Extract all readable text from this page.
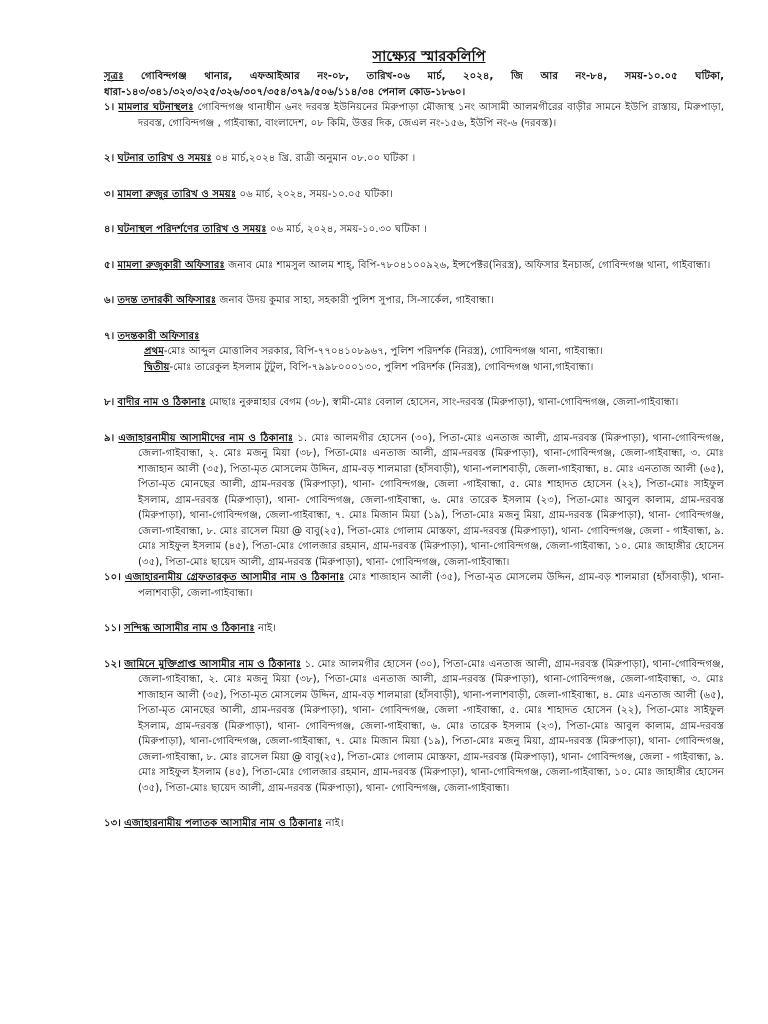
সাক্ষ্যের স্মারকলিপি

সূত্রঃ গোবিন্দগঞ্জ থানার, এফআইআর নং-০৮, তারিখ-০৬ মার্চ, ২০২৪, জি আর নং-৮৪, সময়-১০.০৫ ঘটিকা, ধারা-১৪৩/৩৪১/৩২৩/৩২৫/৩২৬/৩০৭/৩৫৪/৩৭৯/৫০৬/১১৪/৩৪ পেনাল কোড-১৮৬০।

১। মামলার ঘটনাস্থলঃ গোবিন্দগঞ্জ থানাধীন ৬নং দরবস্ত ইউনিয়নের মিরুপাড়া মৌজাস্থ ১নং আসামী আলমগীরের বাড়ীর সামনে ইউপি রাস্তায়, মিরুপাড়া, দরবস্ত, গোবিন্দগঞ্জ , গাইবান্ধা, বাংলাদেশ, ০৮ কিমি, উত্তর দিক, জেএল নং-১৫৬, ইউপি নং-৬ (দরবস্ত)।

২। ঘটনার তারিখ ও সময়ঃ ০৪ মার্চ,২০২৪ খ্রি. রাত্রী অনুমান ০৮.০০ ঘটিকা ।

৩। মামলা রুজুর তারিখ ও সময়ঃ ০৬ মার্চ, ২০২৪, সময়-১০.০৫ ঘটিকা।

৪। ঘটনাস্থল পরিদর্শণের তারিখ ও সময়ঃ ০৬ মার্চ, ২০২৪, সময়-১০.৩০ ঘটিকা ।

৫। মামলা রুজুকারী অফিসারঃ জনাব মোঃ শামসুল আলম শাহ্, বিপি-৭৮০৪১০০৯২৬, ইন্সপেক্টর(নিরস্ত্র), অফিসার ইনচার্জ, গোবিন্দগঞ্জ থানা, গাইবান্ধা।

৬। তদন্ত তদারকী অফিসারঃ জনাব উদয় কুমার সাহা, সহকারী পুলিশ সুপার, সি-সার্কেল, গাইবান্ধা।

৭। তদন্তকারী অফিসারঃ

প্রথম-মোঃ আব্দুল মোত্তালিব সরকার, বিপি-৭৭০৪১০৮৯৬৭, পুলিশ পরিদর্শক (নিরস্ত্র), গোবিন্দগঞ্জ থানা, গাইবান্ধা।

দ্বিতীয়-মোঃ তারেকুল ইসলাম টুটুল, বিপি-৭৯৯৮০০০১৩০, পুলিশ পরিদর্শক (নিরস্ত্র), গোবিন্দগঞ্জ থানা,গাইবান্ধা।

৮। বাদীর নাম ও ঠিকানাঃ মোছাঃ নুরুন্নাহার বেগম (৩৮), স্বামী-মোঃ বেলাল হোসেন, সাং-দরবস্ত (মিরুপাড়া), থানা-গোবিন্দগঞ্জ, জেলা-গাইবান্ধা।

৯। এজাহারনামীয় আসামীদের নাম ও ঠিকানাঃ ১. মোঃ আলমগীর হোসেন (৩০), পিতা-মোঃ এনতাজ আলী, গ্রাম-দরবস্ত (মিরুপাড়া), থানা-গোবিন্দগঞ্জ, জেলা-গাইবান্ধা, ২. মোঃ মজনু মিয়া (৩৮), পিতা-মোঃ এনতাজ আলী, গ্রাম-দরবস্ত (মিরুপাড়া), থানা-গোবিন্দগঞ্জ, জেলা-গাইবান্ধা, ৩. মোঃ শাজাহান আলী (৩৫), পিতা-মৃত মোসলেম উদ্দিন, গ্রাম-বড় শালমারা (হাঁসবাড়ী), থানা-পলাশবাড়ী, জেলা-গাইবান্ধা, ৪. মোঃ এনতাজ আলী (৬৫), পিতা-মৃত মোনছের আলী, গ্রাম-দরবস্ত (মিরুপাড়া), থানা- গোবিন্দগঞ্জ, জেলা -গাইবান্ধা, ৫. মোঃ শাহাদত হোসেন (২২), পিতা-মোঃ সাইফুল ইসলাম, গ্রাম-দরবস্ত (মিরুপাড়া), থানা- গোবিন্দগঞ্জ, জেলা-গাইবান্ধা, ৬. মোঃ তারেক ইসলাম (২৩), পিতা-মোঃ আবুল কালাম, গ্রাম-দরবস্ত (মিরুপাড়া), থানা-গোবিন্দগঞ্জ, জেলা-গাইবান্ধা, ৭. মোঃ মিজান মিয়া (১৯), পিতা-মোঃ মজনু মিয়া, গ্রাম-দরবস্ত (মিরুপাড়া), থানা- গোবিন্দগঞ্জ, জেলা-গাইবান্ধা, ৮. মোঃ রাসেল মিয়া @ বাবু(২৫), পিতা-মোঃ গোলাম মোস্তফা, গ্রাম-দরবস্ত (মিরুপাড়া), থানা- গোবিন্দগঞ্জ, জেলা - গাইবান্ধা, ৯. মোঃ সাইফুল ইসলাম (৪৫), পিতা-মোঃ গোলজার রহমান, গ্রাম-দরবস্ত (মিরুপাড়া), থানা-গোবিন্দগঞ্জ, জেলা-গাইবান্ধা, ১০. মোঃ জাহাঙ্গীর হোসেন (৩৫), পিতা-মোঃ ছায়েদ আলী, গ্রাম-দরবস্ত (মিরুপাড়া), থানা- গোবিন্দগঞ্জ, জেলা-গাইবান্ধা।

১০। এজাহারনামীয় গ্রেফতারকৃত আসামীর নাম ও ঠিকানাঃ মোঃ শাজাহান আলী (৩৫), পিতা-মৃত মোসলেম উদ্দিন, গ্রাম-বড় শালমারা (হাঁসবাড়ী), থানা-পলাশবাড়ী, জেলা-গাইবান্ধা।

১১। সন্দিগ্ধ আসামীর নাম ও ঠিকানাঃ নাই।

১২। জামিনে মুক্তিপ্রাপ্ত আসামীর নাম ও ঠিকানাঃ ১. মোঃ আলমগীর হোসেন (৩০), পিতা-মোঃ এনতাজ আলী, গ্রাম-দরবস্ত (মিরুপাড়া), থানা-গোবিন্দগঞ্জ, জেলা-গাইবান্ধা, ২. মোঃ মজনু মিয়া (৩৮), পিতা-মোঃ এনতাজ আলী, গ্রাম-দরবস্ত (মিরুপাড়া), থানা-গোবিন্দগঞ্জ, জেলা-গাইবান্ধা, ৩. মোঃ শাজাহান আলী (৩৫), পিতা-মৃত মোসলেম উদ্দিন, গ্রাম-বড় শালমারা (হাঁসবাড়ী), থানা-পলাশবাড়ী, জেলা-গাইবান্ধা, ৪. মোঃ এনতাজ আলী (৬৫), পিতা-মৃত মোনছের আলী, গ্রাম-দরবস্ত (মিরুপাড়া), থানা- গোবিন্দগঞ্জ, জেলা -গাইবান্ধা, ৫. মোঃ শাহাদত হোসেন (২২), পিতা-মোঃ সাইফুল ইসলাম, গ্রাম-দরবস্ত (মিরুপাড়া), থানা- গোবিন্দগঞ্জ, জেলা-গাইবান্ধা, ৬. মোঃ তারেক ইসলাম (২৩), পিতা-মোঃ আবুল কালাম, গ্রাম-দরবস্ত (মিরুপাড়া), থানা-গোবিন্দগঞ্জ, জেলা-গাইবান্ধা, ৭. মোঃ মিজান মিয়া (১৯), পিতা-মোঃ মজনু মিয়া, গ্রাম-দরবস্ত (মিরুপাড়া), থানা- গোবিন্দগঞ্জ, জেলা-গাইবান্ধা, ৮. মোঃ রাসেল মিয়া @ বাবু(২৫), পিতা-মোঃ গোলাম মোস্তফা, গ্রাম-দরবস্ত (মিরুপাড়া), থানা- গোবিন্দগঞ্জ, জেলা - গাইবান্ধা, ৯. মোঃ সাইফুল ইসলাম (৪৫), পিতা-মোঃ গোলজার রহমান, গ্রাম-দরবস্ত (মিরুপাড়া), থানা-গোবিন্দগঞ্জ, জেলা-গাইবান্ধা, ১০. মোঃ জাহাঙ্গীর হোসেন (৩৫), পিতা-মোঃ ছায়েদ আলী, গ্রাম-দরবস্ত (মিরুপাড়া), থানা- গোবিন্দগঞ্জ, জেলা-গাইবান্ধা।

১৩। এজাহারনামীয় পলাতক আসামীর নাম ও ঠিকানাঃ নাই।
